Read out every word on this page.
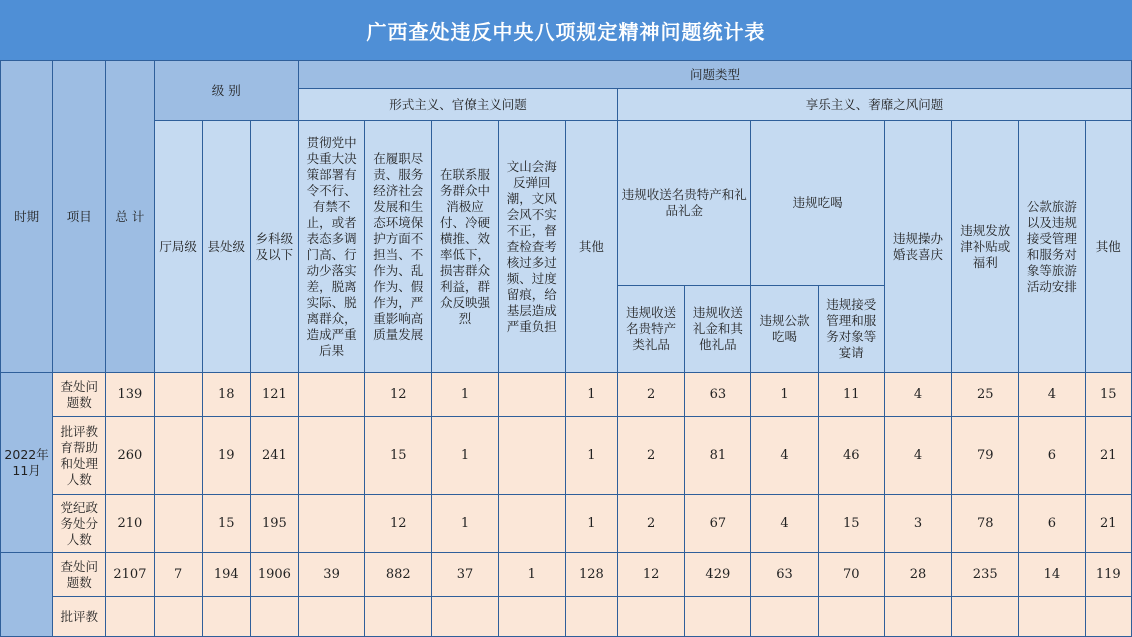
广西查处违反中央八项规定精神问题统计表
时期	项目	总 计	级 别			问题类型												
						形式主义、官僚主义问题					享乐主义、奢靡之风问题							
			厅局级	县处级	乡科级及以下	贯彻党中央重大决策部署有令不行、有禁不止，或者表态多调门高、行动少落实差，脱离实际、脱离群众，造成严重后果	在履职尽责、服务经济社会发展和生态环境保护方面不担当、不作为、乱作为、假作为，严重影响高质量发展	在联系服务群众中消极应付、冷硬横推、效率低下，损害群众利益，群众反映强烈	文山会海反弹回潮，文风会风不实不正，督查检查考核过多过频、过度留痕，给基层造成严重负担	其他	违规收送名贵特产和礼品礼金		违规吃喝		违规操办婚丧喜庆	违规发放津补贴或福利	公款旅游以及违规接受管理和服务对象等旅游活动安排	其他
											违规收送名贵特产类礼品	违规收送礼金和其他礼品	违规公款吃喝	违规接受管理和服务对象等宴请				
2022年11月	查处问题数	139		18	121		12	1		1	2	63	1	11	4	25	4	15
	批评教育帮助和处理人数	260		19	241		15	1		1	2	81	4	46	4	79	6	21
	党纪政务处分人数	210		15	195		12	1		1	2	67	4	15	3	78	6	21
	查处问题数	2107	7	194	1906	39	882	37	1	128	12	429	63	70	28	235	14	119
	批评教																	
